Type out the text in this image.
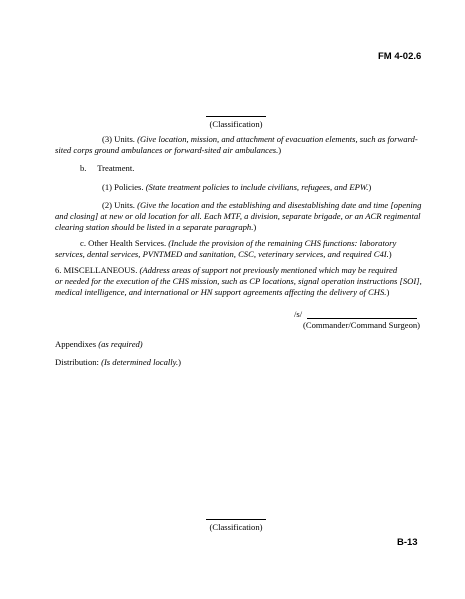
FM 4-02.6
(Classification)
(3) Units. (Give location, mission, and attachment of evacuation elements, such as forward-
sited corps ground ambulances or forward-sited air ambulances.)
b. Treatment.
(1) Policies. (State treatment policies to include civilians, refugees, and EPW.)
(2) Units. (Give the location and the establishing and disestablishing date and time [opening
and closing] at new or old location for all. Each MTF, a division, separate brigade, or an ACR regimental
clearing station should be listed in a separate paragraph.)
c. Other Health Services. (Include the provision of the remaining CHS functions: laboratory
services, dental services, PVNTMED and sanitation, CSC, veterinary services, and required C4I.)
6. MISCELLANEOUS. (Address areas of support not previously mentioned which may be required
or needed for the execution of the CHS mission, such as CP locations, signal operation instructions [SOI],
medical intelligence, and international or HN support agreements affecting the delivery of CHS.)
/s/
(Commander/Command Surgeon)
Appendixes (as required)
Distribution: (Is determined locally.)
(Classification)
B-13
